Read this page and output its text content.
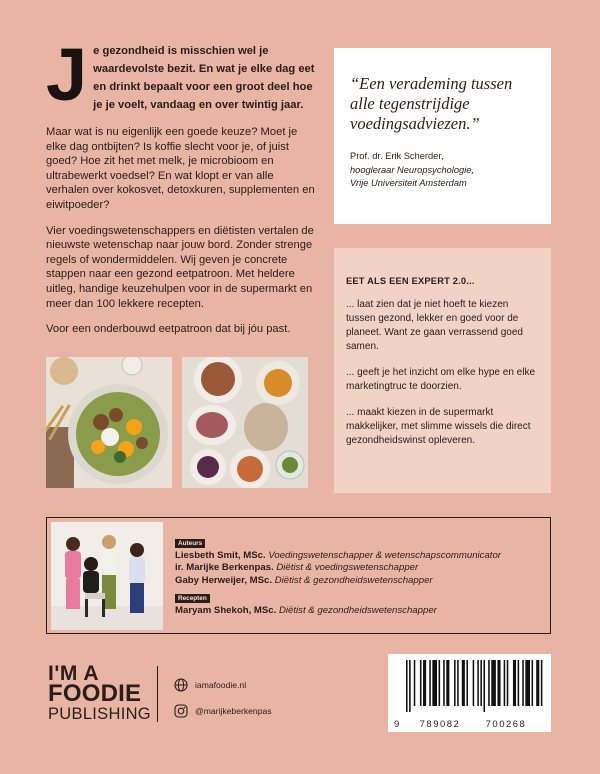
J e gezondheid is misschien wel je waardevolste bezit. En wat je elke dag eet en drinkt bepaalt voor een groot deel hoe je je voelt, vandaag en over twintig jaar.
Maar wat is nu eigenlijk een goede keuze? Moet je elke dag ontbijten? Is koffie slecht voor je, of juist goed? Hoe zit het met melk, je microbioom en ultrabewerkt voedsel? En wat klopt er van alle verhalen over kokosvet, detoxkuren, supplementen en eiwitpoeder?
Vier voedingswetenschappers en diëtisten vertalen de nieuwste wetenschap naar jouw bord. Zonder strenge regels of wondermiddelen. Wij geven je concrete stappen naar een gezond eetpatroon. Met heldere uitleg, handige keuzehulpen voor in de supermarkt en meer dan 100 lekkere recepten.
Voor een onderbouwd eetpatroon dat bij jóu past.
“Een verademing tussen alle tegenstrijdige voedingsadviezen.”
Prof. dr. Erik Scherder,
hoogleraar Neuropsychologie,
Vrije Universiteit Amsterdam
EET ALS EEN EXPERT 2.0...
... laat zien dat je niet hoeft te kiezen tussen gezond, lekker en goed voor de planeet. Want ze gaan verrassend goed samen.
... geeft je het inzicht om elke hype en elke marketingtruc te doorzien.
... maakt kiezen in de supermarkt makkelijker, met slimme wissels die direct gezondheidswinst opleveren.
Auteurs
Liesbeth Smit, MSc. Voedingswetenschapper & wetenschapscommunicator
ir. Marijke Berkenpas. Diëtist & voedingswetenschapper
Gaby Herweijer, MSc. Diëtist & gezondheidswetenschapper
Recepten
Maryam Shekoh, MSc. Diëtist & gezondheidswetenschapper
I'M A
FOODIE
PUBLISHING
iamafoodie.nl
@marijkeberkenpas
9	789082	700268
